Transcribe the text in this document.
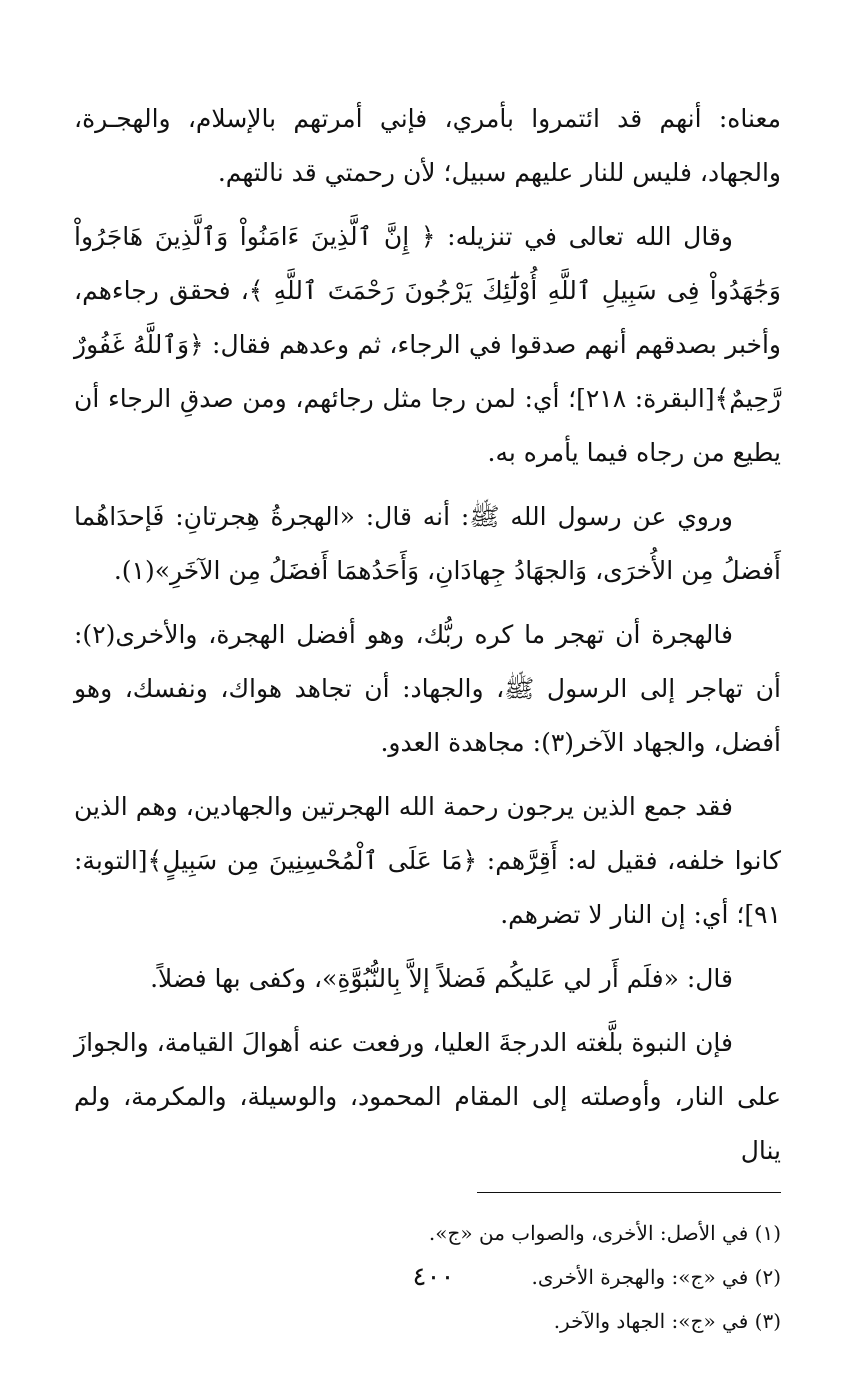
معناه: أنهم قد ائتمروا بأمري، فإني أمرتهم بالإسلام، والهجـرة، والجهاد، فليس للنار عليهم سبيل؛ لأن رحمتي قد نالتهم.

وقال الله تعالى في تنزيله: ﴿ إِنَّ ٱلَّذِينَ ءَامَنُواْ وَٱلَّذِينَ هَاجَرُواْ وَجَٰهَدُواْ فِى سَبِيلِ ٱللَّهِ أُوْلَٰٓئِكَ يَرْجُونَ رَحْمَتَ ٱللَّهِ ﴾، فحقق رجاءهم، وأخبر بصدقهم أنهم صدقوا في الرجاء، ثم وعدهم فقال: ﴿وَٱللَّهُ غَفُورٌ رَّحِيمٌ﴾[البقرة: ٢١٨]؛ أي: لمن رجا مثل رجائهم، ومن صدقِ الرجاء أن يطيع من رجاه فيما يأمره به.

وروي عن رسول الله ﷺ: أنه قال: «الهجرةُ هِجرتانِ: فَإحدَاهُما أَفضلُ مِن الأُخرَى، وَالجهَادُ جِهادَانِ، وَأَحَدُهمَا أَفضَلُ مِن الآخَرِ»(١).

فالهجرة أن تهجر ما كره ربُّك، وهو أفضل الهجرة، والأخرى(٢): أن تهاجر إلى الرسول ﷺ، والجهاد: أن تجاهد هواك، ونفسك، وهو أفضل، والجهاد الآخر(٣): مجاهدة العدو.

فقد جمع الذين يرجون رحمة الله الهجرتين والجهادين، وهم الذين كانوا خلفه، فقيل له: أَقِرَّهم: ﴿مَا عَلَى ٱلْمُحْسِنِينَ مِن سَبِيلٍ﴾[التوبة: ٩١]؛ أي: إن النار لا تضرهم.

قال: «فلَم أَر لي عَليكُم فَضلاً إلاَّ بِالنُّبُوَّةِ»، وكفى بها فضلاً.

فإن النبوة بلَّغته الدرجةَ العليا، ورفعت عنه أهوالَ القيامة، والجوازَ على النار، وأوصلته إلى المقام المحمود، والوسيلة، والمكرمة، ولم ينال

(١) في الأصل: الأخرى، والصواب من «ج».

(٢) في «ج»: والهجرة الأخرى.

(٣) في «ج»: الجهاد والآخر.

٤٠٠
